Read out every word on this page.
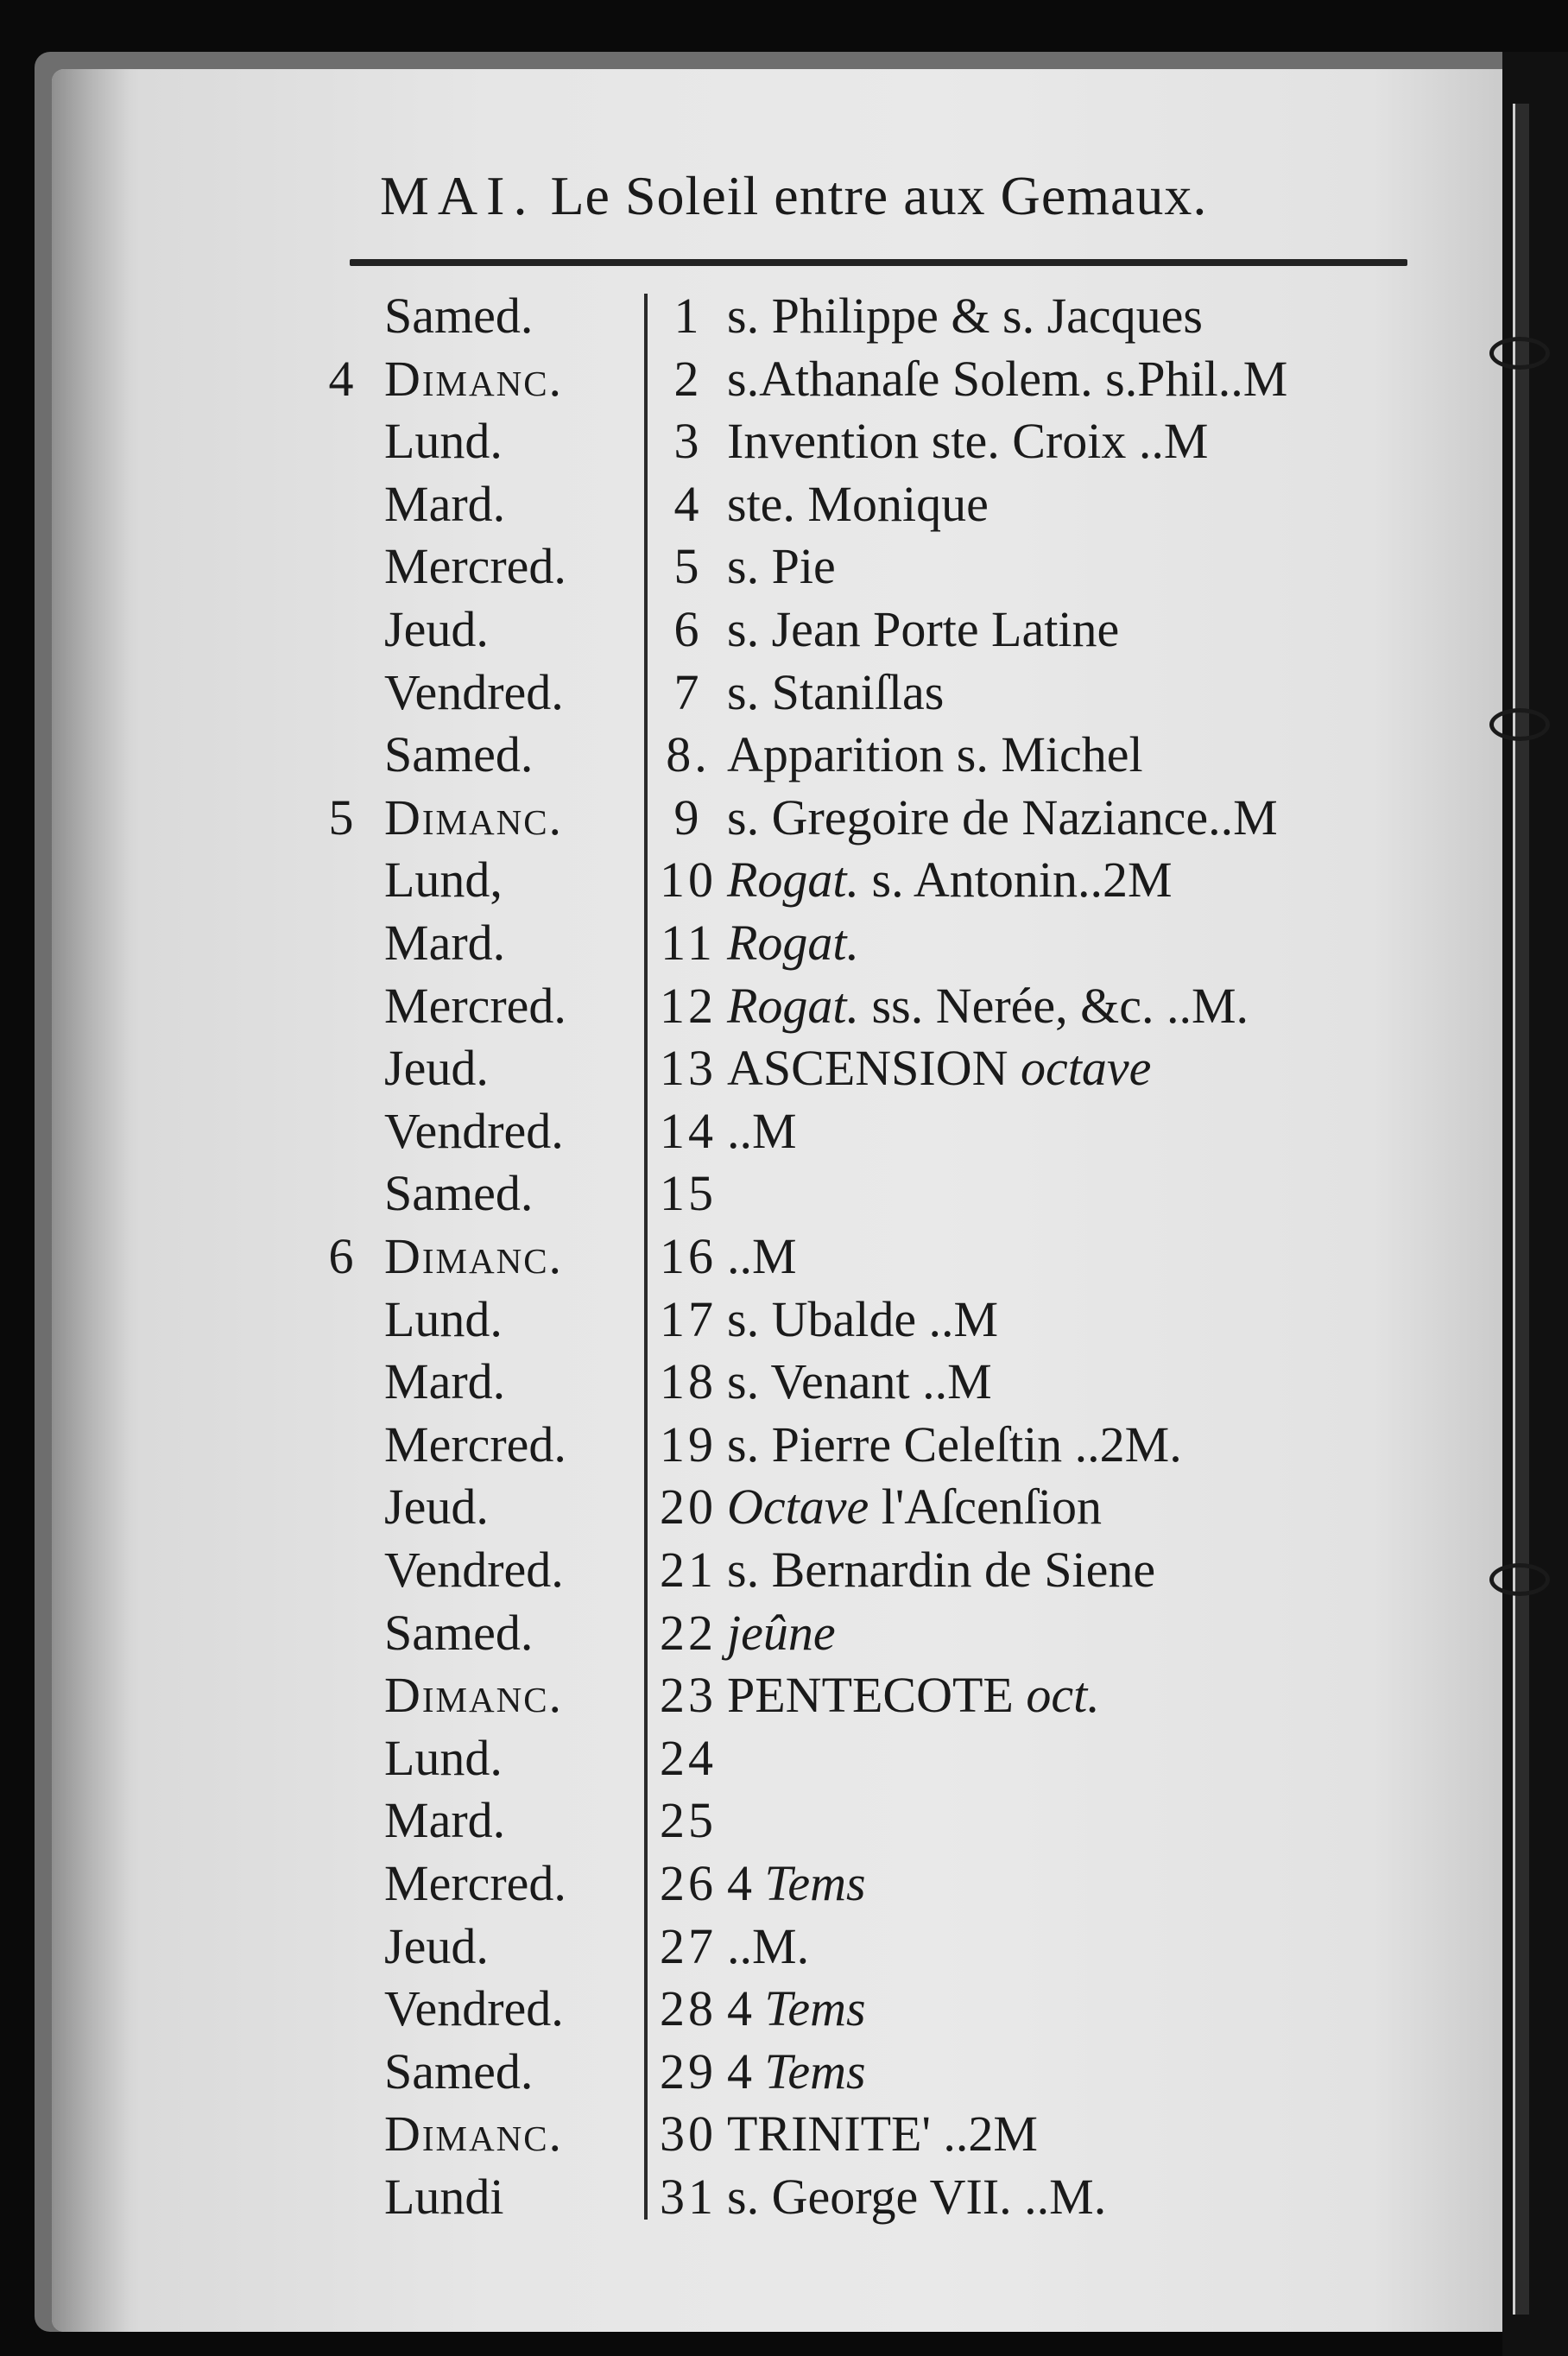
MAI. Le Soleil entre aux Gemaux.
Samed.	1 s. Philippe & s. Jacques
4 Dimanc.	2 s.Athanaſe Solem. s.Phil..M
Lund.	3 Invention ste. Croix ..M
Mard.	4 ste. Monique
Mercred.	5 s. Pie
Jeud.	6 s. Jean Porte Latine
Vendred.	7 s. Staniſlas
Samed.	8. Apparition s. Michel
5 Dimanc.	9 s. Gregoire de Naziance..M
Lund,	10 Rogat. s. Antonin..2M
Mard.	11 Rogat.
Mercred.	12 Rogat. ss. Nerée, &c. ..M.
Jeud.	13 ASCENSION octave
Vendred.	14 ..M
Samed.	15
6 Dimanc.	16 ..M
Lund.	17 s. Ubalde ..M
Mard.	18 s. Venant ..M
Mercred.	19 s. Pierre Celeſtin ..2M.
Jeud.	20 Octave l'Aſcenſion
Vendred.	21 s. Bernardin de Siene
Samed.	22 jeûne
Dimanc.	23 PENTECOTE oct.
Lund.	24
Mard.	25
Mercred.	26 4 Tems
Jeud.	27 ..M.
Vendred.	28 4 Tems
Samed.	29 4 Tems
Dimanc.	30 TRINITE' ..2M
Lundi	31 s. George VII. ..M.
